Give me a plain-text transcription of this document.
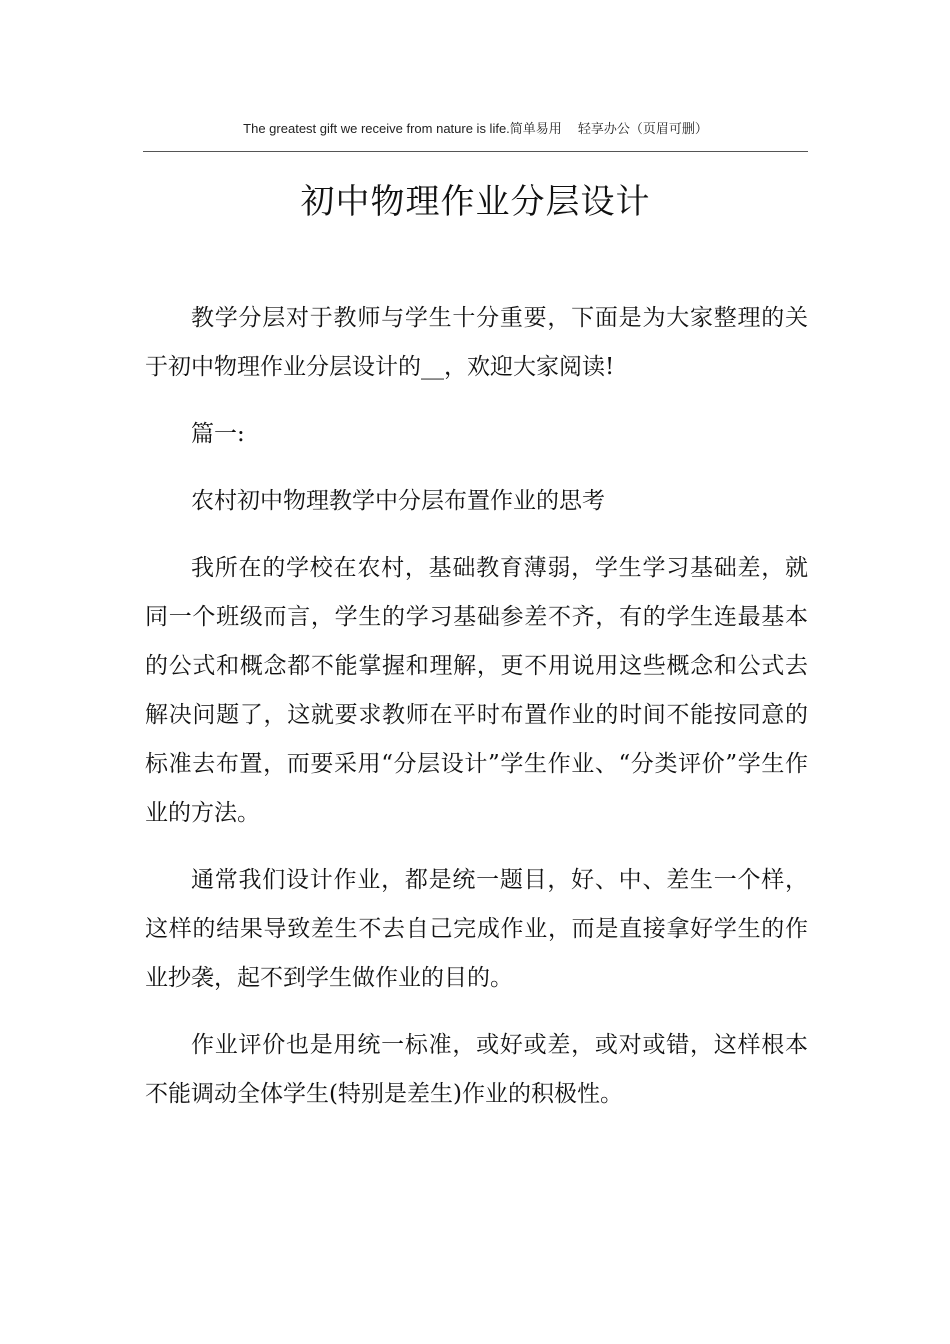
The greatest gift we receive from nature is life.简单易用 轻享办公（页眉可删）
初中物理作业分层设计

教学分层对于教师与学生十分重要，下面是为大家整理的关于初中物理作业分层设计的__，欢迎大家阅读!

篇一:

农村初中物理教学中分层布置作业的思考

我所在的学校在农村，基础教育薄弱，学生学习基础差，就同一个班级而言，学生的学习基础参差不齐，有的学生连最基本的公式和概念都不能掌握和理解，更不用说用这些概念和公式去解决问题了，这就要求教师在平时布置作业的时间不能按同意的标准去布置，而要采用“分层设计”学生作业、“分类评价”学生作业的方法。

通常我们设计作业，都是统一题目，好、中、差生一个样，这样的结果导致差生不去自己完成作业，而是直接拿好学生的作业抄袭，起不到学生做作业的目的。

作业评价也是用统一标准，或好或差，或对或错，这样根本不能调动全体学生(特别是差生)作业的积极性。
